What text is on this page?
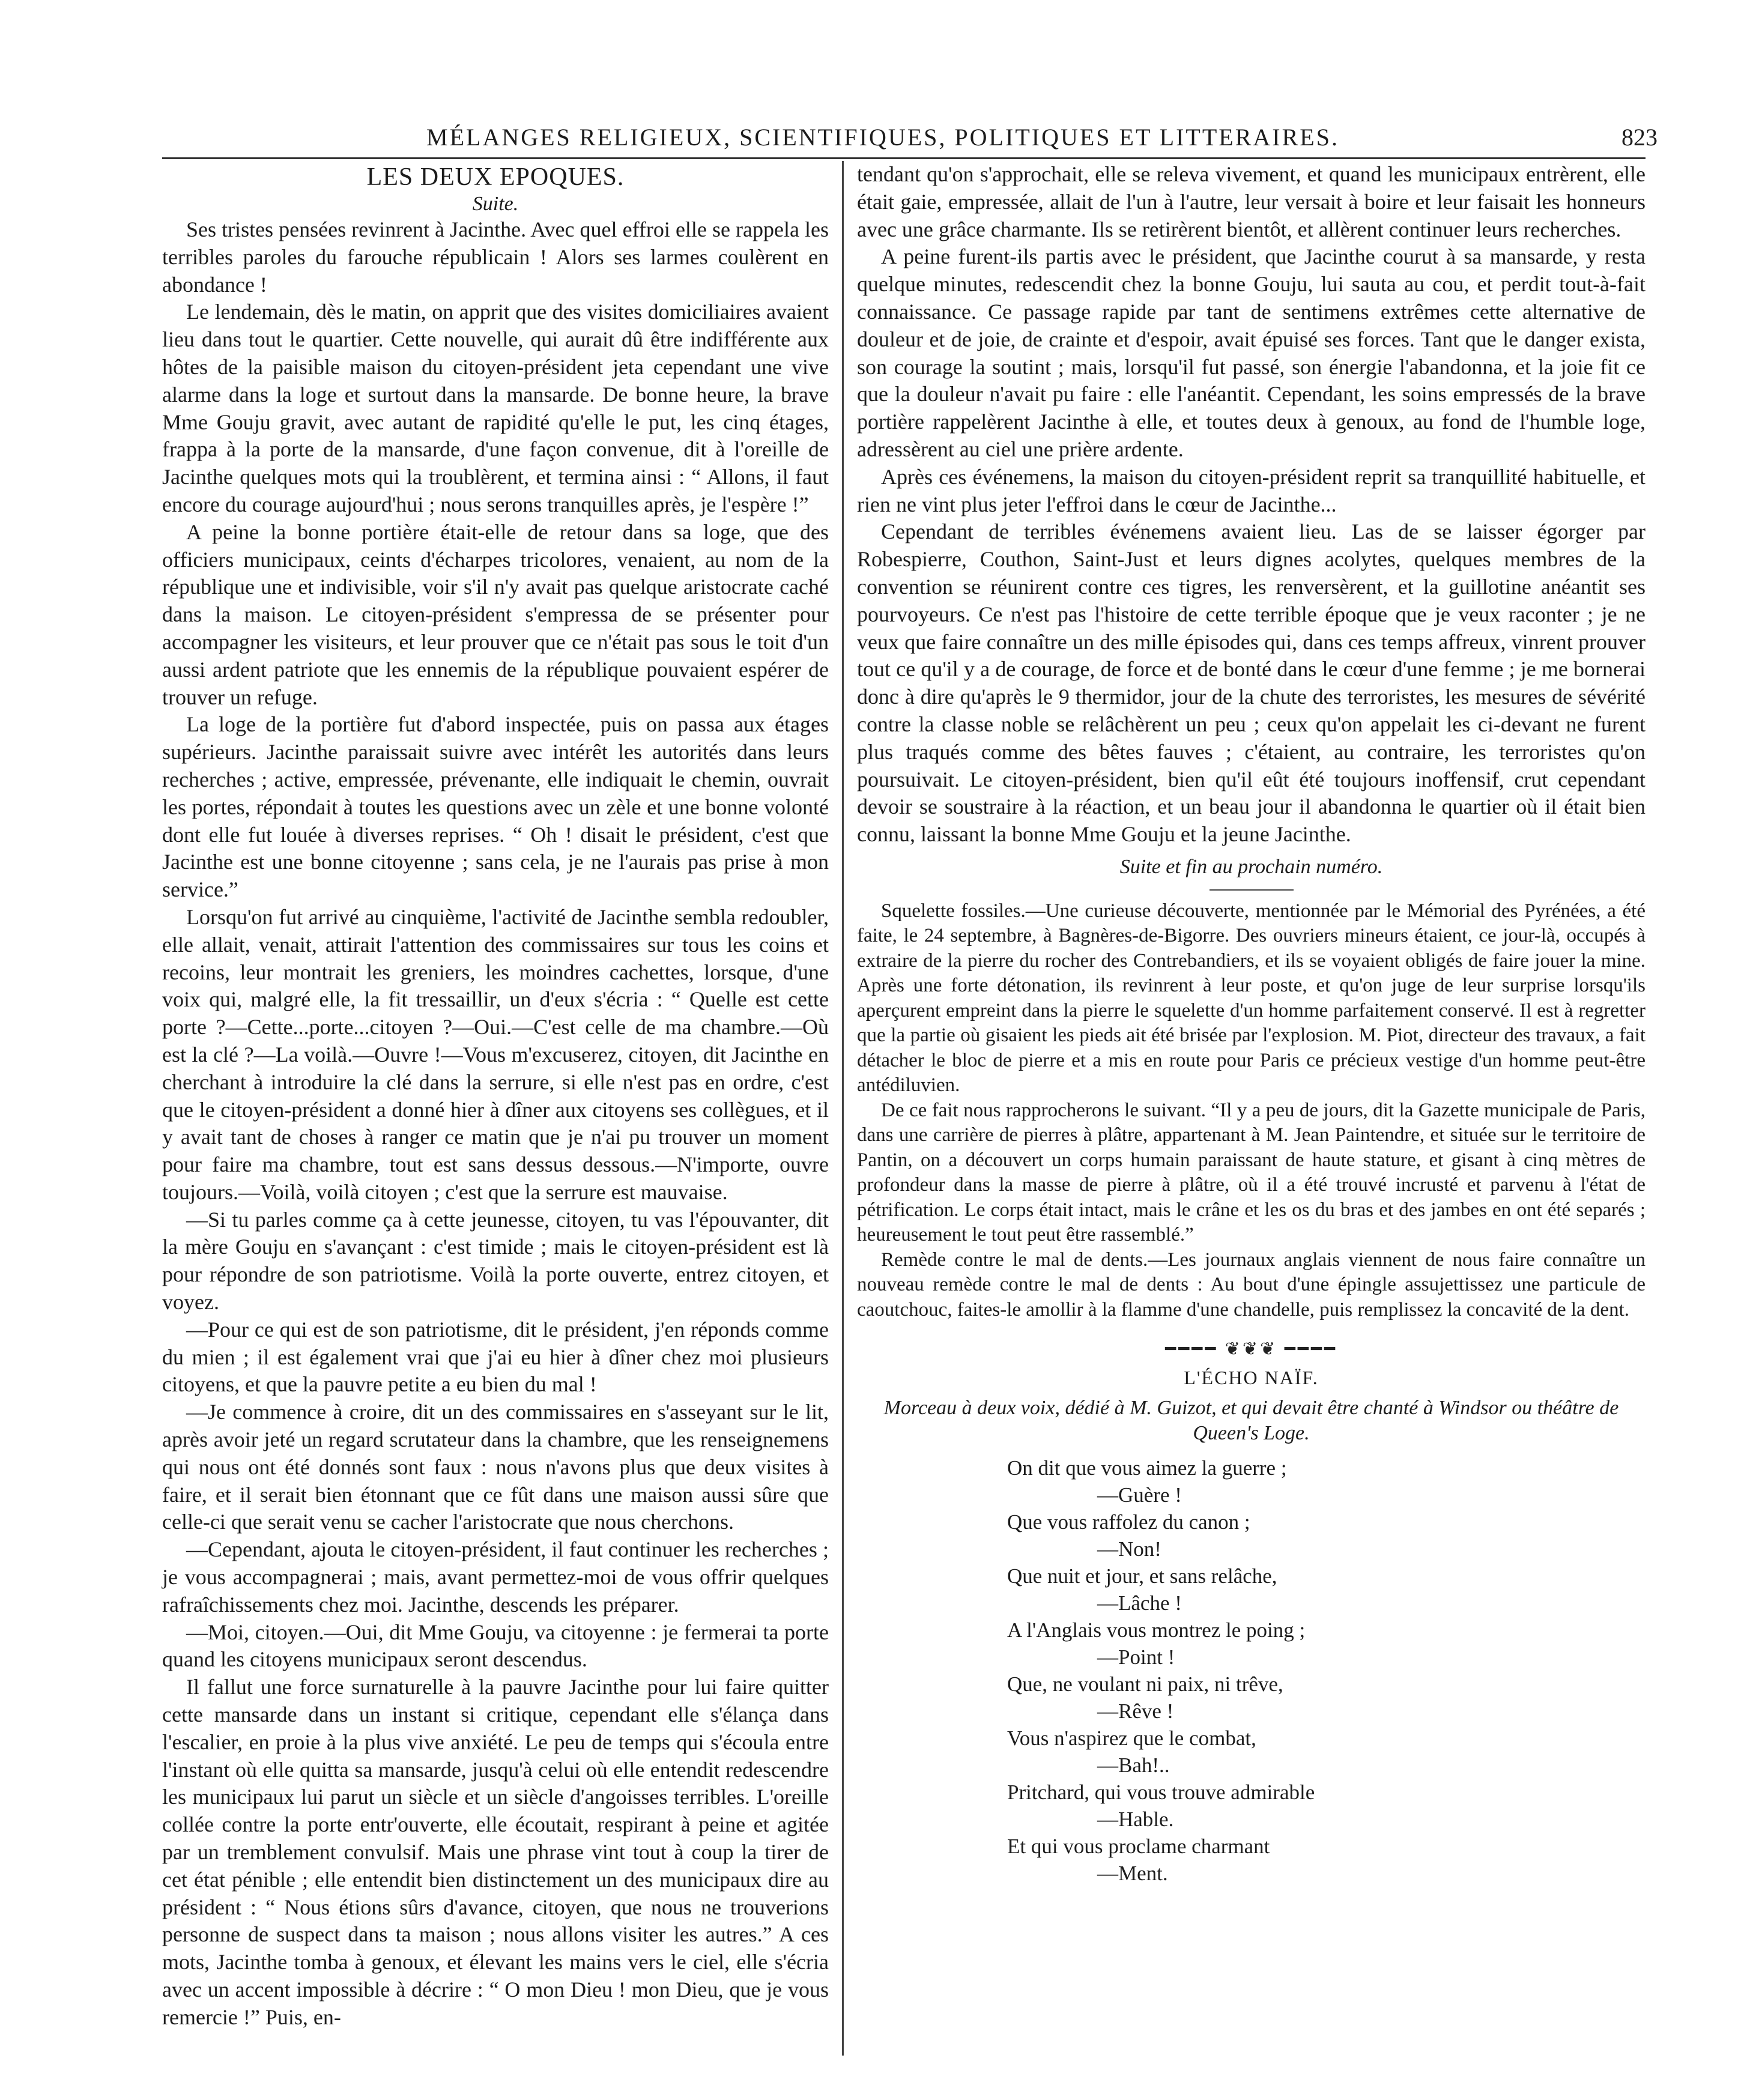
MÉLANGES RELIGIEUX, SCIENTIFIQUES, POLITIQUES ET LITTERAIRES.	823
LES DEUX EPOQUES.
Suite.

Ses tristes pensées revinrent à Jacinthe. Avec quel effroi elle se rappela les terribles paroles du farouche républicain ! Alors ses larmes coulèrent en abondance !

Le lendemain, dès le matin, on apprit que des visites domiciliaires avaient lieu dans tout le quartier. Cette nouvelle, qui aurait dû être indifférente aux hôtes de la paisible maison du citoyen-président jeta cependant une vive alarme dans la loge et surtout dans la mansarde. De bonne heure, la brave Mme Gouju gravit, avec autant de rapidité qu'elle le put, les cinq étages, frappa à la porte de la mansarde, d'une façon convenue, dit à l'oreille de Jacinthe quelques mots qui la troublèrent, et termina ainsi : “ Allons, il faut encore du courage aujourd'hui ; nous serons tranquilles après, je l'espère !”

A peine la bonne portière était-elle de retour dans sa loge, que des officiers municipaux, ceints d'écharpes tricolores, venaient, au nom de la république une et indivisible, voir s'il n'y avait pas quelque aristocrate caché dans la maison. Le citoyen-président s'empressa de se présenter pour accompagner les visiteurs, et leur prouver que ce n'était pas sous le toit d'un aussi ardent patriote que les ennemis de la république pouvaient espérer de trouver un refuge.

La loge de la portière fut d'abord inspectée, puis on passa aux étages supérieurs. Jacinthe paraissait suivre avec intérêt les autorités dans leurs recherches ; active, empressée, prévenante, elle indiquait le chemin, ouvrait les portes, répondait à toutes les questions avec un zèle et une bonne volonté dont elle fut louée à diverses reprises. “ Oh ! disait le président, c'est que Jacinthe est une bonne citoyenne ; sans cela, je ne l'aurais pas prise à mon service.”

Lorsqu'on fut arrivé au cinquième, l'activité de Jacinthe sembla redoubler, elle allait, venait, attirait l'attention des commissaires sur tous les coins et recoins, leur montrait les greniers, les moindres cachettes, lorsque, d'une voix qui, malgré elle, la fit tressaillir, un d'eux s'écria : “ Quelle est cette porte ?—Cette...porte...citoyen ?—Oui.—C'est celle de ma chambre.—Où est la clé ?—La voilà.—Ouvre !—Vous m'excuserez, citoyen, dit Jacinthe en cherchant à introduire la clé dans la serrure, si elle n'est pas en ordre, c'est que le citoyen-président a donné hier à dîner aux citoyens ses collègues, et il y avait tant de choses à ranger ce matin que je n'ai pu trouver un moment pour faire ma chambre, tout est sans dessus dessous.—N'importe, ouvre toujours.—Voilà, voilà citoyen ; c'est que la serrure est mauvaise.

—Si tu parles comme ça à cette jeunesse, citoyen, tu vas l'épouvanter, dit la mère Gouju en s'avançant : c'est timide ; mais le citoyen-président est là pour répondre de son patriotisme. Voilà la porte ouverte, entrez citoyen, et voyez.

—Pour ce qui est de son patriotisme, dit le président, j'en réponds comme du mien ; il est également vrai que j'ai eu hier à dîner chez moi plusieurs citoyens, et que la pauvre petite a eu bien du mal !

—Je commence à croire, dit un des commissaires en s'asseyant sur le lit, après avoir jeté un regard scrutateur dans la chambre, que les renseignemens qui nous ont été donnés sont faux : nous n'avons plus que deux visites à faire, et il serait bien étonnant que ce fût dans une maison aussi sûre que celle-ci que serait venu se cacher l'aristocrate que nous cherchons.

—Cependant, ajouta le citoyen-président, il faut continuer les recherches ; je vous accompagnerai ; mais, avant permettez-moi de vous offrir quelques rafraîchissements chez moi. Jacinthe, descends les préparer.

—Moi, citoyen.—Oui, dit Mme Gouju, va citoyenne : je fermerai ta porte quand les citoyens municipaux seront descendus.

Il fallut une force surnaturelle à la pauvre Jacinthe pour lui faire quitter cette mansarde dans un instant si critique, cependant elle s'élança dans l'escalier, en proie à la plus vive anxiété. Le peu de temps qui s'écoula entre l'instant où elle quitta sa mansarde, jusqu'à celui où elle entendit redescendre les municipaux lui parut un siècle et un siècle d'angoisses terribles. L'oreille collée contre la porte entr'ouverte, elle écoutait, respirant à peine et agitée par un tremblement convulsif. Mais une phrase vint tout à coup la tirer de cet état pénible ; elle entendit bien distinctement un des municipaux dire au président : “ Nous étions sûrs d'avance, citoyen, que nous ne trouverions personne de suspect dans ta maison ; nous allons visiter les autres.” A ces mots, Jacinthe tomba à genoux, et élevant les mains vers le ciel, elle s'écria avec un accent impossible à décrire : “ O mon Dieu ! mon Dieu, que je vous remercie !” Puis, en-

tendant qu'on s'approchait, elle se releva vivement, et quand les municipaux entrèrent, elle était gaie, empressée, allait de l'un à l'autre, leur versait à boire et leur faisait les honneurs avec une grâce charmante. Ils se retirèrent bientôt, et allèrent continuer leurs recherches.

A peine furent-ils partis avec le président, que Jacinthe courut à sa mansarde, y resta quelque minutes, redescendit chez la bonne Gouju, lui sauta au cou, et perdit tout-à-fait connaissance. Ce passage rapide par tant de sentimens extrêmes cette alternative de douleur et de joie, de crainte et d'espoir, avait épuisé ses forces. Tant que le danger exista, son courage la soutint ; mais, lorsqu'il fut passé, son énergie l'abandonna, et la joie fit ce que la douleur n'avait pu faire : elle l'anéantit. Cependant, les soins empressés de la brave portière rappelèrent Jacinthe à elle, et toutes deux à genoux, au fond de l'humble loge, adressèrent au ciel une prière ardente.

Après ces événemens, la maison du citoyen-président reprit sa tranquillité habituelle, et rien ne vint plus jeter l'effroi dans le cœur de Jacinthe...

Cependant de terribles événemens avaient lieu. Las de se laisser égorger par Robespierre, Couthon, Saint-Just et leurs dignes acolytes, quelques membres de la convention se réunirent contre ces tigres, les renversèrent, et la guillotine anéantit ses pourvoyeurs. Ce n'est pas l'histoire de cette terrible époque que je veux raconter ; je ne veux que faire connaître un des mille épisodes qui, dans ces temps affreux, vinrent prouver tout ce qu'il y a de courage, de force et de bonté dans le cœur d'une femme ; je me bornerai donc à dire qu'après le 9 thermidor, jour de la chute des terroristes, les mesures de sévérité contre la classe noble se relâchèrent un peu ; ceux qu'on appelait les ci-devant ne furent plus traqués comme des bêtes fauves ; c'étaient, au contraire, les terroristes qu'on poursuivait. Le citoyen-président, bien qu'il eût été toujours inoffensif, crut cependant devoir se soustraire à la réaction, et un beau jour il abandonna le quartier où il était bien connu, laissant la bonne Mme Gouju et la jeune Jacinthe.

Suite et fin au prochain numéro.

Squelette fossiles.—Une curieuse découverte, mentionnée par le Mémorial des Pyrénées, a été faite, le 24 septembre, à Bagnères-de-Bigorre. Des ouvriers mineurs étaient, ce jour-là, occupés à extraire de la pierre du rocher des Contrebandiers, et ils se voyaient obligés de faire jouer la mine. Après une forte détonation, ils revinrent à leur poste, et qu'on juge de leur surprise lorsqu'ils aperçurent empreint dans la pierre le squelette d'un homme parfaitement conservé. Il est à regretter que la partie où gisaient les pieds ait été brisée par l'explosion. M. Piot, directeur des travaux, a fait détacher le bloc de pierre et a mis en route pour Paris ce précieux vestige d'un homme peut-être antédiluvien.

De ce fait nous rapprocherons le suivant. “Il y a peu de jours, dit la Gazette municipale de Paris, dans une carrière de pierres à plâtre, appartenant à M. Jean Paintendre, et située sur le territoire de Pantin, on a découvert un corps humain paraissant de haute stature, et gisant à cinq mètres de profondeur dans la masse de pierre à plâtre, où il a été trouvé incrusté et parvenu à l'état de pétrification. Le corps était intact, mais le crâne et les os du bras et des jambes en ont été separés ; heureusement le tout peut être rassemblé.”

Remède contre le mal de dents.—Les journaux anglais viennent de nous faire connaître un nouveau remède contre le mal de dents : Au bout d'une épingle assujettissez une particule de caoutchouc, faites-le amollir à la flamme d'une chandelle, puis remplissez la concavité de la dent.

━━━━ ❦❦❦ ━━━━
L'ÉCHO NAÏF.
Morceau à deux voix, dédié à M. Guizot, et qui devait être chanté à Windsor ou théâtre de Queen's Loge.
On dit que vous aimez la guerre ;
—Guère !
Que vous raffolez du canon ;
—Non!
Que nuit et jour, et sans relâche,
—Lâche !
A l'Anglais vous montrez le poing ;
—Point !
Que, ne voulant ni paix, ni trêve,
—Rêve !
Vous n'aspirez que le combat,
—Bah!..
Pritchard, qui vous trouve admirable
—Hable.
Et qui vous proclame charmant
—Ment.
